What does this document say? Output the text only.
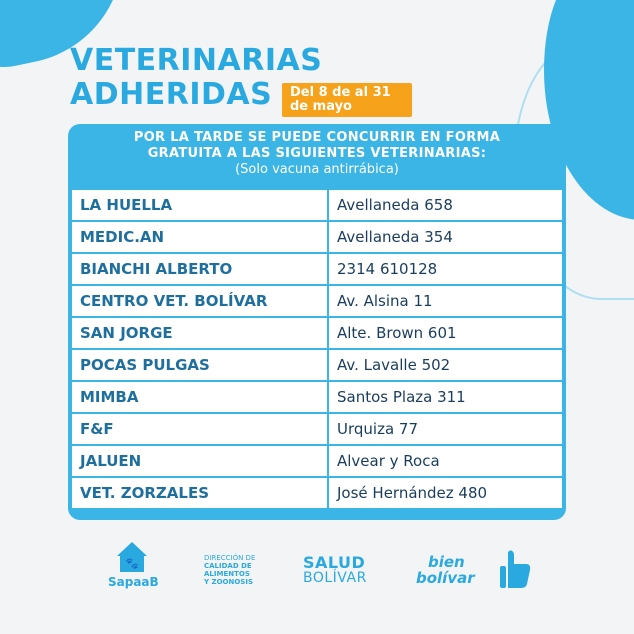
VETERINARIAS
ADHERIDAS	Del 8 de al 31 de mayo
POR LA TARDE SE PUEDE CONCURRIR EN FORMA
GRATUITA A LAS SIGUIENTES VETERINARIAS:
(Solo vacuna antirrábica)
LA HUELLA	Avellaneda 658
MEDIC.AN	Avellaneda 354
BIANCHI ALBERTO	2314 610128
CENTRO VET. BOLÍVAR	Av. Alsina 11
SAN JORGE	Alte. Brown 601
POCAS PULGAS	Av. Lavalle 502
MIMBA	Santos Plaza 311
F&F	Urquiza 77
JALUEN	Alvear y Roca
VET. ZORZALES	José Hernández 480
🐾
SapaaB
DIRECCIÓN DE
CALIDAD DE
ALIMENTOS
Y ZOONOSIS
SALUD
BOLÍVAR
bien
bolívar
